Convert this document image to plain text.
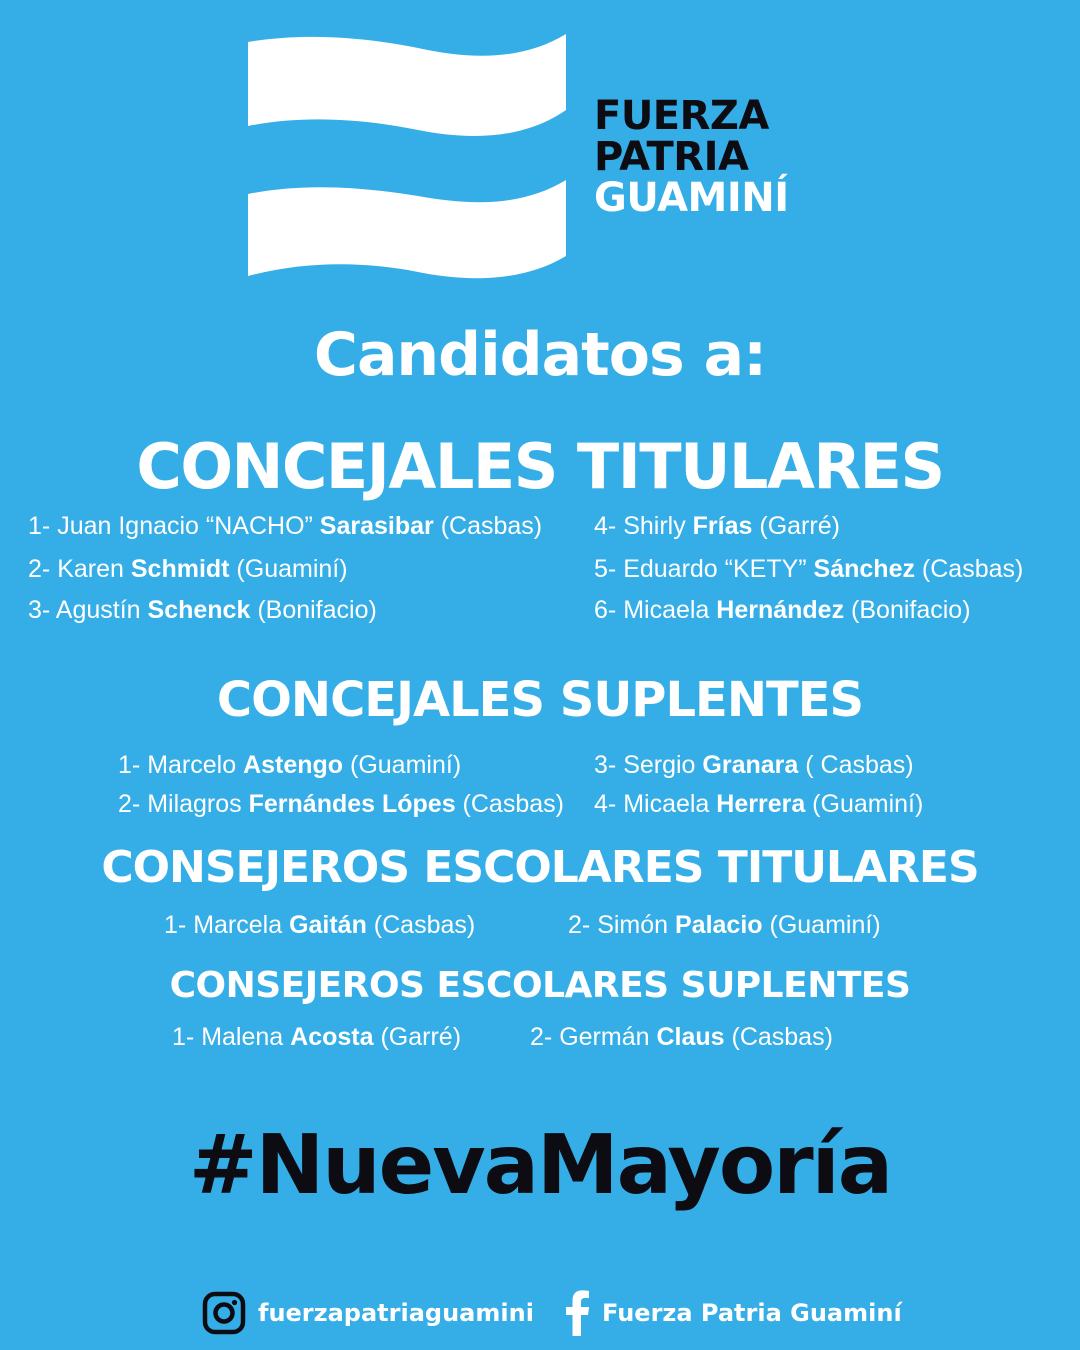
FUERZA
PATRIA
GUAMINÍ
Candidatos a:
CONCEJALES TITULARES
1- Juan Ignacio “NACHO” Sarasibar (Casbas)
2- Karen Schmidt (Guaminí)
3- Agustín Schenck (Bonifacio)
4- Shirly Frías (Garré)
5- Eduardo “KETY” Sánchez (Casbas)
6- Micaela Hernández (Bonifacio)
CONCEJALES SUPLENTES
1- Marcelo Astengo (Guaminí)
2- Milagros Fernándes Lópes (Casbas)
3- Sergio Granara ( Casbas)
4- Micaela Herrera (Guaminí)
CONSEJEROS ESCOLARES TITULARES
1- Marcela Gaitán (Casbas)	2- Simón Palacio (Guaminí)
CONSEJEROS ESCOLARES SUPLENTES
1- Malena Acosta (Garré)	2- Germán Claus (Casbas)
#NuevaMayoría
fuerzapatriaguamini	Fuerza Patria Guaminí
